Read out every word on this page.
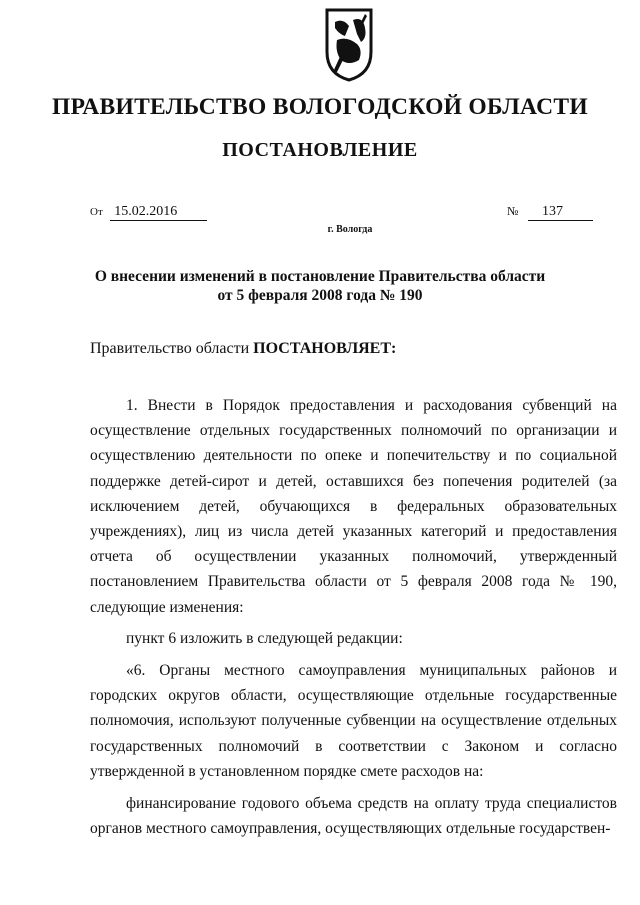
ПРАВИТЕЛЬСТВО ВОЛОГОДСКОЙ ОБЛАСТИ
ПОСТАНОВЛЕНИЕ
От 15.02.2016	№ 137
г. Вологда
О внесении изменений в постановление Правительства области
от 5 февраля 2008 года № 190
Правительство области ПОСТАНОВЛЯЕТ:

1. Внести в Порядок предоставления и расходования субвенций на осуществление отдельных государственных полномочий по организации и осуществлению деятельности по опеке и попечительству и по социальной поддержке детей-сирот и детей, оставшихся без попечения родителей (за исключением детей, обучающихся в федеральных образовательных учреждениях), лиц из числа детей указанных категорий и предоставления отчета об осуществлении указанных полномочий, утвержденный постановлением Правительства области от 5 февраля 2008 года № 190, следующие изменения:

пункт 6 изложить в следующей редакции:

«6. Органы местного самоуправления муниципальных районов и городских округов области, осуществляющие отдельные государственные полномочия, используют полученные субвенции на осуществление отдельных государственных полномочий в соответствии с Законом и согласно утвержденной в установленном порядке смете расходов на:

финансирование годового объема средств на оплату труда специалистов органов местного самоуправления, осуществляющих отдельные государствен-
